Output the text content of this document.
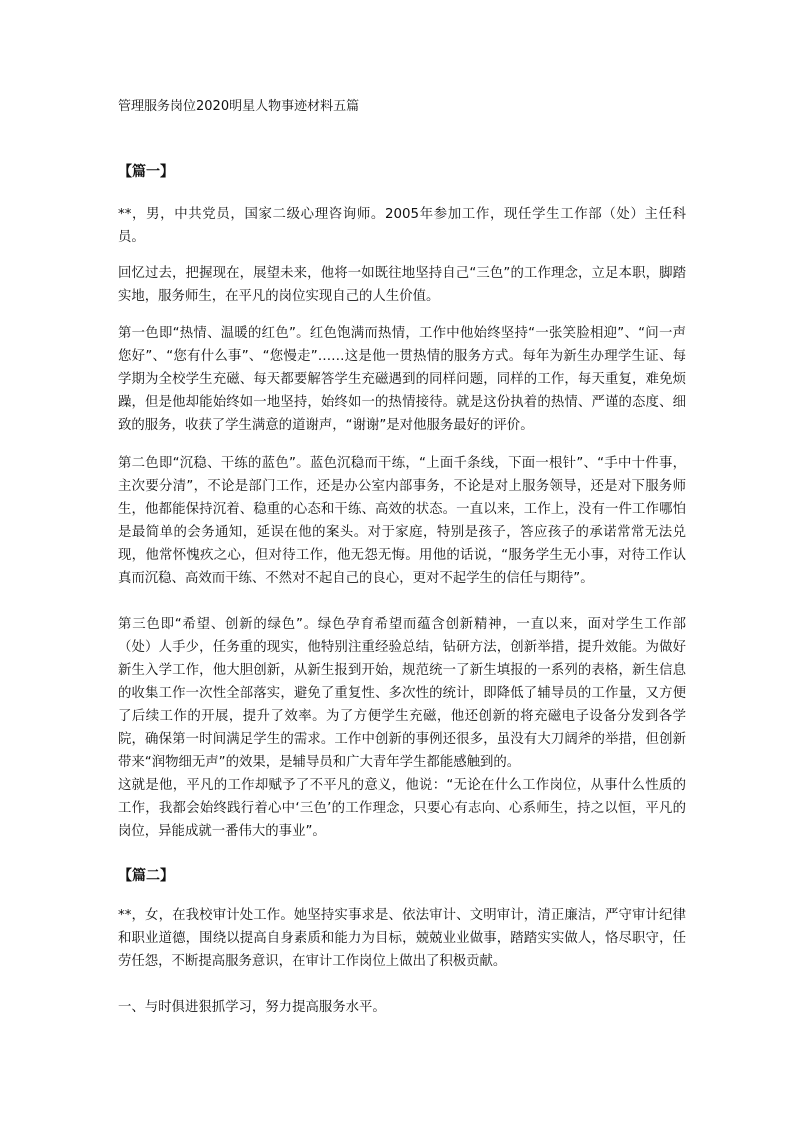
管理服务岗位2020明星人物事迹材料五篇
【篇一】

**，男，中共党员，国家二级心理咨询师。2005年参加工作，现任学生工作部（处）主任科员。

回忆过去，把握现在，展望未来，他将一如既往地坚持自己“三色”的工作理念，立足本职，脚踏实地，服务师生，在平凡的岗位实现自己的人生价值。

第一色即“热情、温暖的红色”。红色饱满而热情，工作中他始终坚持“一张笑脸相迎”、“问一声您好”、“您有什么事”、“您慢走”……这是他一贯热情的服务方式。每年为新生办理学生证、每学期为全校学生充磁、每天都要解答学生充磁遇到的同样问题，同样的工作，每天重复，难免烦躁，但是他却能始终如一地坚持，始终如一的热情接待。就是这份执着的热情、严谨的态度、细致的服务，收获了学生满意的道谢声，“谢谢”是对他服务最好的评价。

第二色即“沉稳、干练的蓝色”。蓝色沉稳而干练，“上面千条线，下面一根针”、“手中十件事，主次要分清”，不论是部门工作，还是办公室内部事务，不论是对上服务领导，还是对下服务师生，他都能保持沉着、稳重的心态和干练、高效的状态。一直以来，工作上，没有一件工作哪怕是最简单的会务通知，延误在他的案头。对于家庭，特别是孩子，答应孩子的承诺常常无法兑现，他常怀愧疚之心，但对待工作，他无怨无悔。用他的话说，“服务学生无小事，对待工作认真而沉稳、高效而干练、不然对不起自己的良心，更对不起学生的信任与期待”。

第三色即“希望、创新的绿色”。绿色孕育希望而蕴含创新精神，一直以来，面对学生工作部（处）人手少，任务重的现实，他特别注重经验总结，钻研方法，创新举措，提升效能。为做好新生入学工作，他大胆创新，从新生报到开始，规范统一了新生填报的一系列的表格，新生信息的收集工作一次性全部落实，避免了重复性、多次性的统计，即降低了辅导员的工作量，又方便了后续工作的开展，提升了效率。为了方便学生充磁，他还创新的将充磁电子设备分发到各学院，确保第一时间满足学生的需求。工作中创新的事例还很多，虽没有大刀阔斧的举措，但创新带来“润物细无声”的效果，是辅导员和广大青年学生都能感触到的。

这就是他，平凡的工作却赋予了不平凡的意义，他说：“无论在什么工作岗位，从事什么性质的工作，我都会始终践行着心中‘三色’的工作理念，只要心有志向、心系师生，持之以恒，平凡的岗位，异能成就一番伟大的事业”。

【篇二】

**，女，在我校审计处工作。她坚持实事求是、依法审计、文明审计，清正廉洁，严守审计纪律和职业道德，围绕以提高自身素质和能力为目标，兢兢业业做事，踏踏实实做人，恪尽职守，任劳任怨，不断提高服务意识，在审计工作岗位上做出了积极贡献。

一、与时俱进狠抓学习，努力提高服务水平。
